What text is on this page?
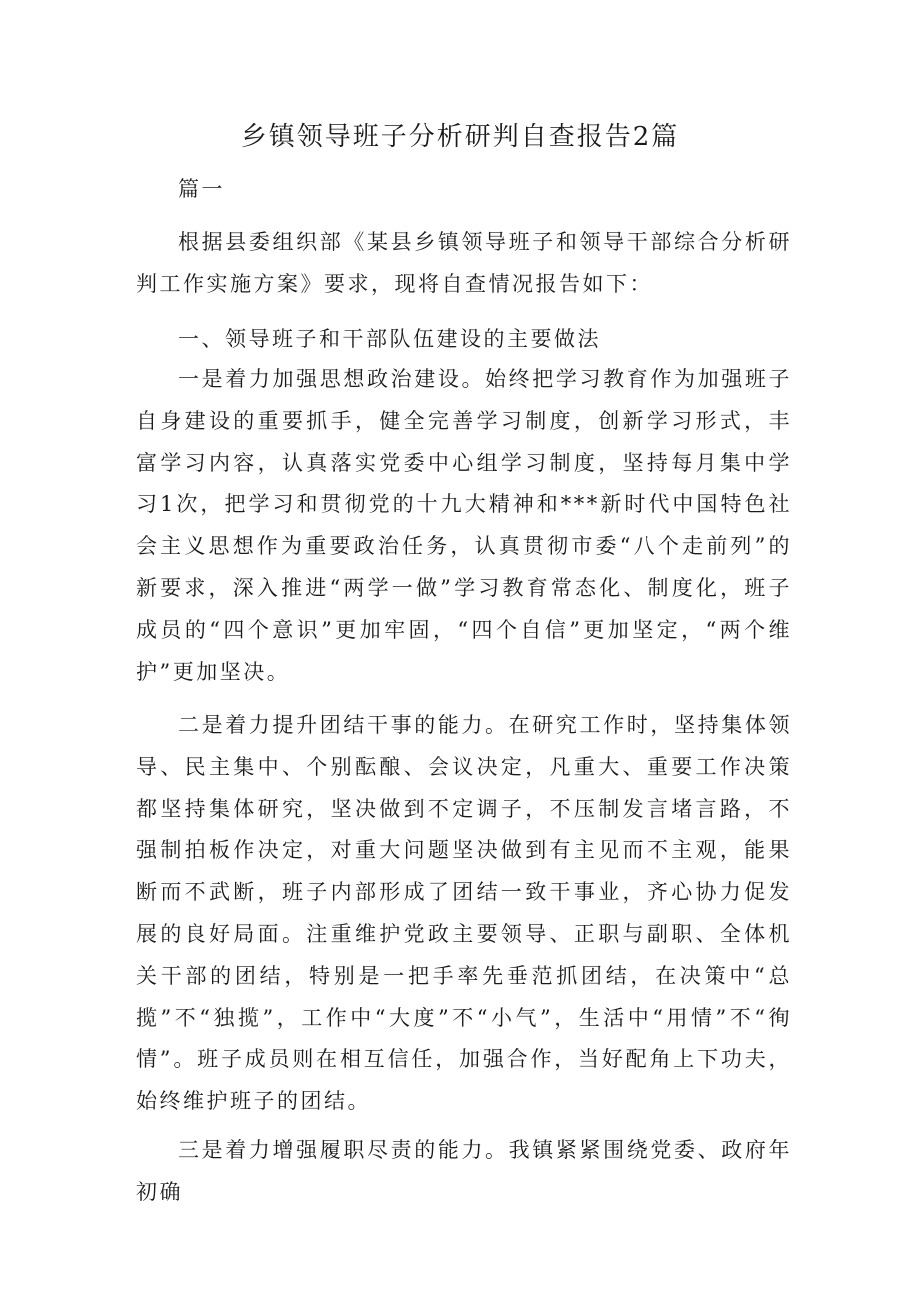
乡镇领导班子分析研判自查报告2篇

篇一

根据县委组织部《某县乡镇领导班子和领导干部综合分析研判工作实施方案》要求，现将自查情况报告如下：

一、领导班子和干部队伍建设的主要做法

一是着力加强思想政治建设。始终把学习教育作为加强班子自身建设的重要抓手，健全完善学习制度，创新学习形式，丰富学习内容，认真落实党委中心组学习制度，坚持每月集中学习1次，把学习和贯彻党的十九大精神和***新时代中国特色社会主义思想作为重要政治任务，认真贯彻市委“八个走前列”的新要求，深入推进“两学一做”学习教育常态化、制度化，班子成员的“四个意识”更加牢固，“四个自信”更加坚定，“两个维护”更加坚决。

二是着力提升团结干事的能力。在研究工作时，坚持集体领导、民主集中、个别酝酿、会议决定，凡重大、重要工作决策都坚持集体研究，坚决做到不定调子，不压制发言堵言路，不强制拍板作决定，对重大问题坚决做到有主见而不主观，能果断而不武断，班子内部形成了团结一致干事业，齐心协力促发展的良好局面。注重维护党政主要领导、正职与副职、全体机关干部的团结，特别是一把手率先垂范抓团结，在决策中“总揽”不“独揽”，工作中“大度”不“小气”，生活中“用情”不“徇情”。班子成员则在相互信任，加强合作，当好配角上下功夫，始终维护班子的团结。

三是着力增强履职尽责的能力。我镇紧紧围绕党委、政府年初确
